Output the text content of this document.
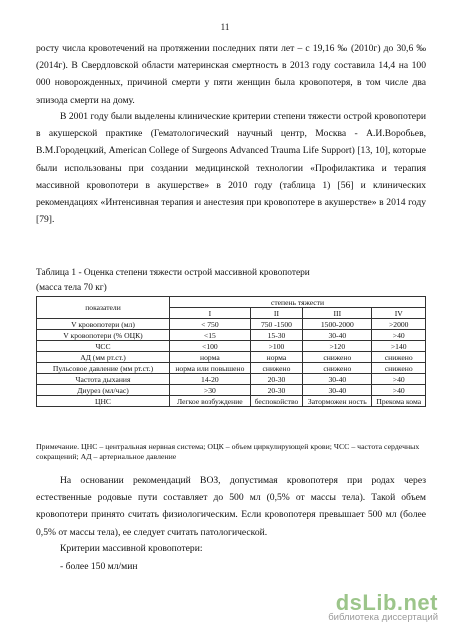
11

росту числа кровотечений на протяжении последних пяти лет – с 19,16 ‰ (2010г) до 30,6 ‰ (2014г). В Свердловской области материнская смертность в 2013 году составила 14,4 на 100 000 новорожденных, причиной смерти у пяти женщин была кровопотеря, в том числе два эпизода смерти на дому.

В 2001 году были выделены клинические критерии степени тяжести острой кровопотери в акушерской практике (Гематологический научный центр, Москва - А.И.Воробьев, В.М.Городецкий, American College of Surgeons Advanced Trauma Life Support) [13, 10], которые были использованы при создании медицинской технологии «Профилактика и терапия массивной кровопотери в акушерстве» в 2010 году (таблица 1) [56] и клинических рекомендациях «Интенсивная терапия и анестезия при кровопотере в акушерстве» в 2014 году [79].

Таблица 1 - Оценка степени тяжести острой массивной кровопотери

(масса тела 70 кг)

показатели	степень тяжести			
	I	II	III	IV
V кровопотери (мл)	< 750	750 -1500	1500-2000	>2000
V кровопотери (% ОЦК)	<15	15-30	30-40	>40
ЧСС	<100	>100	>120	>140
АД (мм рт.ст.)	норма	норма	снижено	снижено
Пульсовое давление (мм рт.ст.)	норма или повышено	снижено	снижено	снижено
Частота дыхания	14-20	20-30	30-40	>40
Диурез (мл/час)	>30	20-30	30-40	>40
ЦНС	Легкое возбуждение	беспокойство	Заторможен ность	Прекома кома

Примечание. ЦНС – центральная нервная система; ОЦК – объем циркулирующей крови; ЧСС – частота сердечных сокращений; АД – артериальное давление

На основании рекомендаций ВОЗ, допустимая кровопотеря при родах через естественные родовые пути составляет до 500 мл (0,5% от массы тела). Такой объем кровопотери принято считать физиологическим. Если кровопотеря превышает 500 мл (более 0,5% от массы тела), ее следует считать патологической.

Критерии массивной кровопотери:

- более 150 мл/мин

dsLib.net
библиотека диссертаций
